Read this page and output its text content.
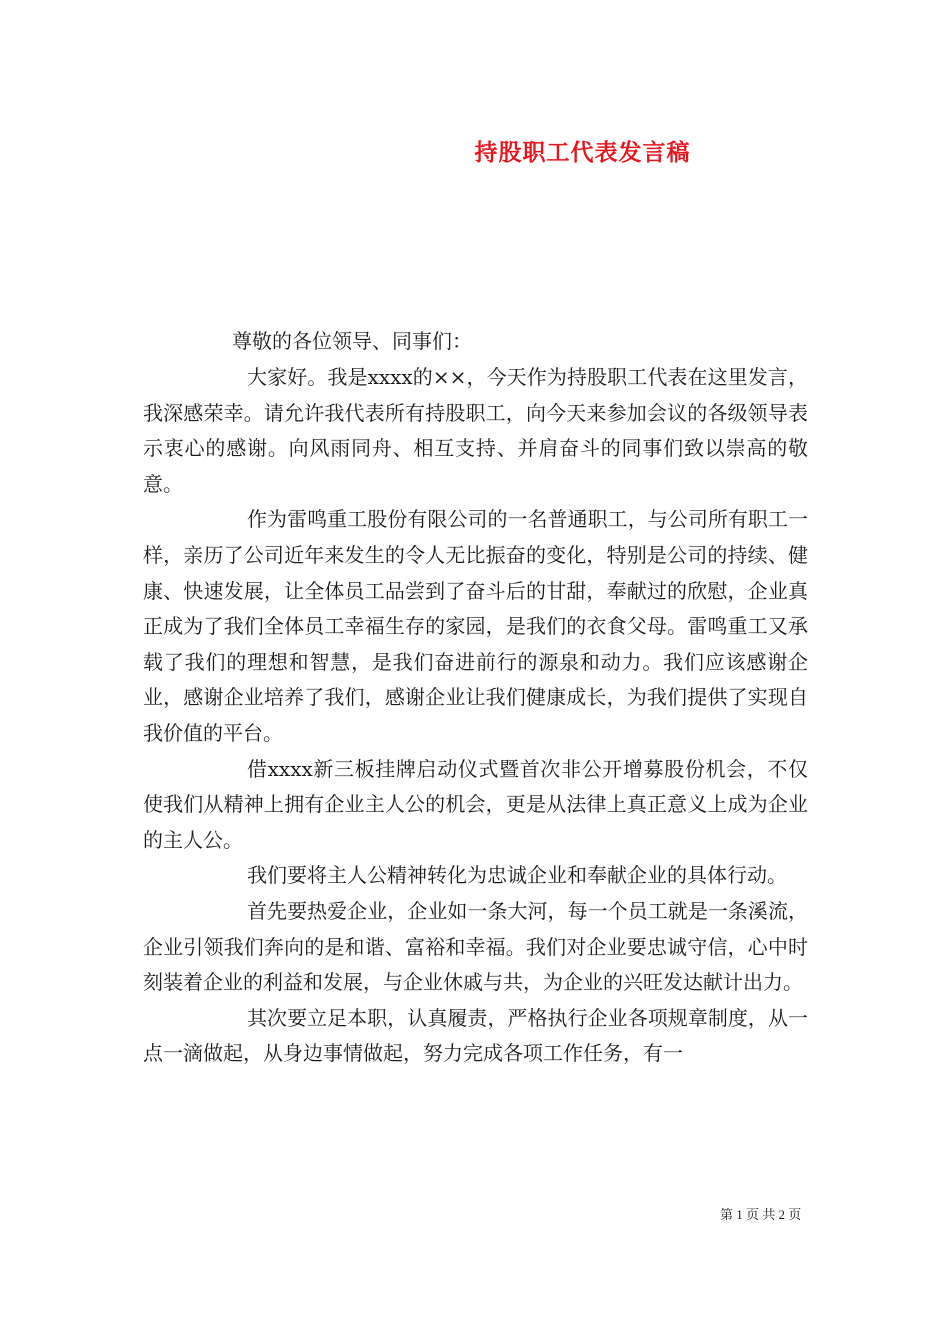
持股职工代表发言稿

尊敬的各位领导、同事们：

大家好。我是xxxx的××，今天作为持股职工代表在这里发言，我深感荣幸。请允许我代表所有持股职工，向今天来参加会议的各级领导表示衷心的感谢。向风雨同舟、相互支持、并肩奋斗的同事们致以崇高的敬意。

作为雷鸣重工股份有限公司的一名普通职工，与公司所有职工一样，亲历了公司近年来发生的令人无比振奋的变化，特别是公司的持续、健康、快速发展，让全体员工品尝到了奋斗后的甘甜，奉献过的欣慰，企业真正成为了我们全体员工幸福生存的家园，是我们的衣食父母。雷鸣重工又承载了我们的理想和智慧，是我们奋进前行的源泉和动力。我们应该感谢企业，感谢企业培养了我们，感谢企业让我们健康成长，为我们提供了实现自我价值的平台。

借xxxx新三板挂牌启动仪式暨首次非公开增募股份机会，不仅使我们从精神上拥有企业主人公的机会，更是从法律上真正意义上成为企业的主人公。

我们要将主人公精神转化为忠诚企业和奉献企业的具体行动。

首先要热爱企业，企业如一条大河，每一个员工就是一条溪流，企业引领我们奔向的是和谐、富裕和幸福。我们对企业要忠诚守信，心中时刻装着企业的利益和发展，与企业休戚与共，为企业的兴旺发达献计出力。

其次要立足本职，认真履责，严格执行企业各项规章制度，从一点一滴做起，从身边事情做起，努力完成各项工作任务，有一

第 1 页 共 2 页
